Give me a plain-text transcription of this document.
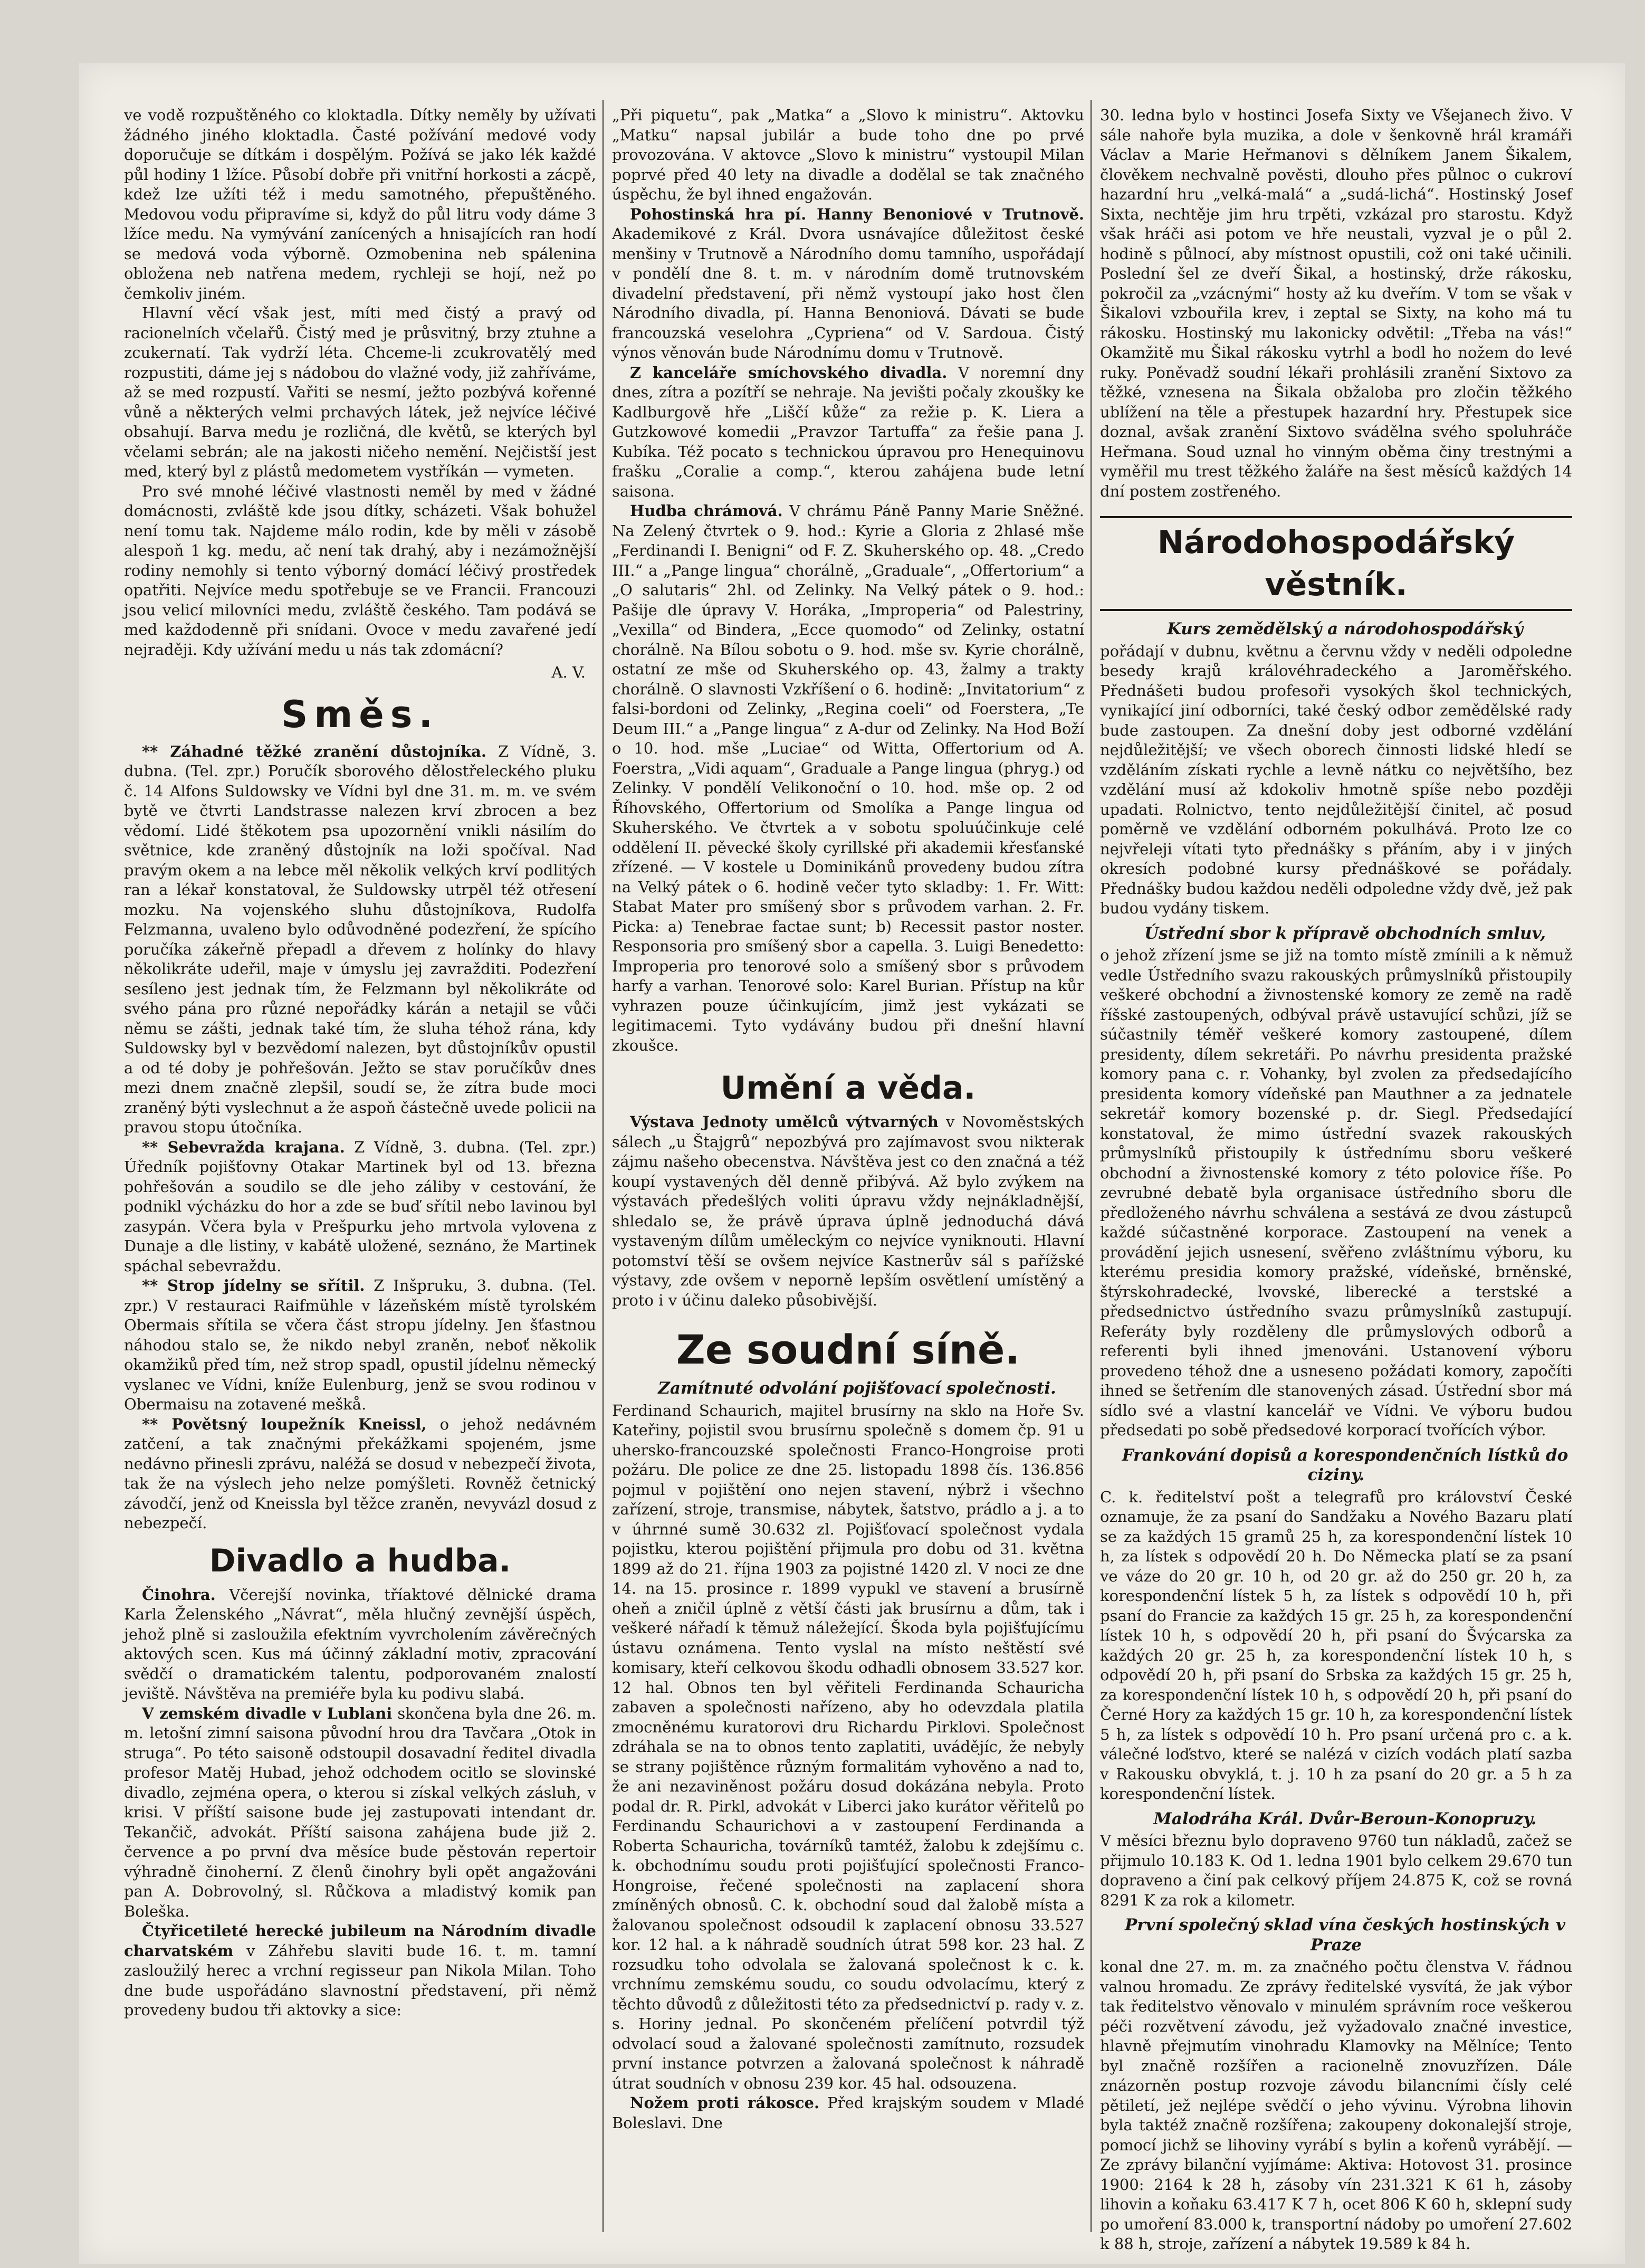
ve vodě rozpuštěného co kloktadla. Dítky neměly by užívati žádného jiného kloktadla. Časté požívání medové vody doporučuje se dítkám i dospělým. Požívá se jako lék každé půl hodiny 1 lžíce. Působí dobře při vnitřní horkosti a zácpě, kdež lze užíti též i medu samotného, přepuštěného. Medovou vodu připravíme si, když do půl litru vody dáme 3 lžíce medu. Na vymývání zanícených a hnisajících ran hodí se medová voda výborně. Ozmobenina neb spálenina obložena neb natřena medem, rychleji se hojí, než po čemkoliv jiném.

Hlavní věcí však jest, míti med čistý a pravý od racionelních včelařů. Čistý med je průsvitný, brzy ztuhne a zcukernatí. Tak vydrží léta. Chceme-li zcukrovatělý med rozpustiti, dáme jej s nádobou do vlažné vody, již zahříváme, až se med rozpustí. Vařiti se nesmí, ježto pozbývá kořenné vůně a některých velmi prchavých látek, jež nejvíce léčivé obsahují. Barva medu je rozličná, dle květů, se kterých byl včelami sebrán; ale na jakosti ničeho nemění. Nejčistší jest med, který byl z plástů medometem vystříkán — vymeten.

Pro své mnohé léčivé vlastnosti neměl by med v žádné domácnosti, zvláště kde jsou dítky, scházeti. Však bohužel není tomu tak. Najdeme málo rodin, kde by měli v zásobě alespoň 1 kg. medu, ač není tak drahý, aby i nezámožnější rodiny nemohly si tento výborný domácí léčivý prostředek opatřiti. Nejvíce medu spotřebuje se ve Francii. Francouzi jsou velicí milovníci medu, zvláště českého. Tam podává se med každodenně při snídani. Ovoce v medu zavařené jedí nejraději. Kdy užívání medu u nás tak zdomácní?

A. V.
Směs.

** Záhadné těžké zranění důstojníka. Z Vídně, 3. dubna. (Tel. zpr.) Poručík sborového dělostřeleckého pluku č. 14 Alfons Suldowsky ve Vídni byl dne 31. m. m. ve svém bytě ve čtvrti Landstrasse nalezen krví zbrocen a bez vědomí. Lidé štěkotem psa upozornění vnikli násilím do světnice, kde zraněný důstojník na loži spočíval. Nad pravým okem a na lebce měl několik velkých krví podlitých ran a lékař konstatoval, že Suldowsky utrpěl též otřesení mozku. Na vojenského sluhu důstojníkova, Rudolfa Felzmanna, uvaleno bylo odůvodněné podezření, že spícího poručíka zákeřně přepadl a dřevem z holínky do hlavy několikráte udeřil, maje v úmyslu jej zavražditi. Podezření sesíleno jest jednak tím, že Felzmann byl několikráte od svého pána pro různé nepořádky kárán a netajil se vůči němu se zášti, jednak také tím, že sluha téhož rána, kdy Suldowsky byl v bezvědomí nalezen, byt důstojníkův opustil a od té doby je pohřešován. Ježto se stav poručíkův dnes mezi dnem značně zlepšil, soudí se, že zítra bude moci zraněný býti vyslechnut a že aspoň částečně uvede policii na pravou stopu útočníka.

** Sebevražda krajana. Z Vídně, 3. dubna. (Tel. zpr.) Úředník pojišťovny Otakar Martinek byl od 13. března pohřešován a soudilo se dle jeho záliby v cestování, že podnikl výcházku do hor a zde se buď sřítil nebo lavinou byl zasypán. Včera byla v Prešpurku jeho mrtvola vylovena z Dunaje a dle listiny, v kabátě uložené, seznáno, že Martinek spáchal sebevraždu.

** Strop jídelny se sřítil. Z Inšpruku, 3. dubna. (Tel. zpr.) V restauraci Raifmühle v lázeňském místě tyrolském Obermais sřítila se včera část stropu jídelny. Jen šťastnou náhodou stalo se, že nikdo nebyl zraněn, neboť několik okamžiků před tím, než strop spadl, opustil jídelnu německý vyslanec ve Vídni, kníže Eulenburg, jenž se svou rodinou v Obermaisu na zotavené meškå.

** Povětsný loupežník Kneissl, o jehož nedávném zatčení, a tak značnými překážkami spojeném, jsme nedávno přinesli zprávu, naléžá se dosud v nebezpečí života, tak že na výslech jeho nelze pomýšleti. Rovněž četnický závodčí, jenž od Kneissla byl těžce zraněn, nevyvázl dosud z nebezpečí.

Divadlo a hudba.

Činohra. Včerejší novinka, tříaktové dělnické drama Karla Želenského „Návrat“, měla hlučný zevnější úspěch, jehož plně si zasloužila efektním vyvrcholením závěrečných aktových scen. Kus má účinný základní motiv, zpracování svědčí o dramatickém talentu, podporovaném znalostí jeviště. Návštěva na premiéře byla ku podivu slabá.

V zemském divadle v Lublani skončena byla dne 26. m. m. letošní zimní saisona původní hrou dra Tavčara „Otok in struga“. Po této saisoně odstoupil dosavadní ředitel divadla profesor Matěj Hubad, jehož odchodem ocitlo se slovinské divadlo, zejména opera, o kterou si získal velkých zásluh, v krisi. V příští saisone bude jej zastupovati intendant dr. Tekančič, advokát. Příští saisona zahájena bude již 2. července a po první dva měsíce bude pěstován repertoir výhradně činoherní. Z členů činohry byli opět angažováni pan A. Dobrovolný, sl. Růčkova a mladistvý komik pan Boleška.

Čtyřicetileté herecké jubileum na Národním divadle charvatském v Záhřebu slaviti bude 16. t. m. tamní zasloužilý herec a vrchní regisseur pan Nikola Milan. Toho dne bude uspořádáno slavnostní představení, při němž provedeny budou tři aktovky a sice:

„Při piquetu“, pak „Matka“ a „Slovo k ministru“. Aktovku „Matku“ napsal jubilár a bude toho dne po prvé provozována. V aktovce „Slovo k ministru“ vystoupil Milan poprvé před 40 lety na divadle a dodělal se tak značného úspěchu, že byl ihned engažován.

Pohostinská hra pí. Hanny Benoniové v Trutnově. Akademikové z Král. Dvora usnávajíce důležitost české menšiny v Trutnově a Národního domu tamního, uspořádají v pondělí dne 8. t. m. v národním domě trutnovském divadelní představení, při němž vystoupí jako host člen Národního divadla, pí. Hanna Benoniová. Dávati se bude francouzská veselohra „Cypriena“ od V. Sardoua. Čistý výnos věnován bude Národnímu domu v Trutnově.

Z kanceláře smíchovského divadla. V noremní dny dnes, zítra a pozítří se nehraje. Na jevišti počaly zkoušky ke Kadlburgově hře „Liščí kůže“ za režie p. K. Liera a Gutzkowové komedii „Pravzor Tartuffa“ za řešie pana J. Kubíka. Též pocato s technickou úpravou pro Henequinovu frašku „Coralie a comp.“, kterou zahájena bude letní saisona.

Hudba chrámová. V chrámu Páně Panny Marie Sněžné. Na Zelený čtvrtek o 9. hod.: Kyrie a Gloria z 2hlasé mše „Ferdinandi I. Benigni“ od F. Z. Skuherského op. 48. „Credo III.“ a „Pange lingua“ chorálně, „Graduale“, „Offertorium“ a „O salutaris“ 2hl. od Zelinky. Na Velký pátek o 9. hod.: Pašije dle úpravy V. Horáka, „Improperia“ od Palestriny, „Vexilla“ od Bindera, „Ecce quomodo“ od Zelinky, ostatní chorálně. Na Bílou sobotu o 9. hod. mše sv. Kyrie chorálně, ostatní ze mše od Skuherského op. 43, žalmy a trakty chorálně. O slavnosti Vzkříšení o 6. hodině: „Invitatorium“ z falsi-bordoni od Zelinky, „Regina coeli“ od Foerstera, „Te Deum III.“ a „Pange lingua“ z A-dur od Zelinky. Na Hod Boží o 10. hod. mše „Luciae“ od Witta, Offertorium od A. Foerstra, „Vidi aquam“, Graduale a Pange lingua (phryg.) od Zelinky. V pondělí Velikonoční o 10. hod. mše op. 2 od Říhovského, Offertorium od Smolíka a Pange lingua od Skuherského. Ve čtvrtek a v sobotu spoluúčinkuje celé oddělení II. pěvecké školy cyrillské při akademii křesťanské zřízené. — V kostele u Dominikánů provedeny budou zítra na Velký pátek o 6. hodině večer tyto skladby: 1. Fr. Witt: Stabat Mater pro smíšený sbor s průvodem varhan. 2. Fr. Picka: a) Tenebrae factae sunt; b) Recessit pastor noster. Responsoria pro smíšený sbor a capella. 3. Luigi Benedetto: Improperia pro tenorové solo a smíšený sbor s průvodem harfy a varhan. Tenorové solo: Karel Burian. Přístup na kůr vyhrazen pouze účinkujícím, jimž jest vykázati se legitimacemi. Tyto vydávány budou při dnešní hlavní zkoušce.

Umění a věda.

Výstava Jednoty umělců výtvarných v Novoměstských sálech „u Štajgrů“ nepozbývá pro zajímavost svou nikterak zájmu našeho obecenstva. Návštěva jest co den značná a též koupí vystavených děl denně přibývá. Až bylo zvýkem na výstavách předešlých voliti úpravu vždy nejnákladnější, shledalo se, že právě úprava úplně jednoduchá dává vystaveným dílům uměleckým co nejvíce vyniknouti. Hlavní potomství těší se ovšem nejvíce Kastnerův sál s pařížské výstavy, zde ovšem v neporně lepším osvětlení umístěný a proto i v účinu daleko působivější.

Ze soudní síně.

Zamítnuté odvolání pojišťovací společnosti.
Ferdinand Schaurich, majitel brusírny na sklo na Hoře Sv. Kateřiny, pojistil svou brusírnu společně s domem čp. 91 u uhersko-francouzské společnosti Franco-Hongroise proti požáru. Dle police ze dne 25. listopadu 1898 čís. 136.856 pojmul v pojištění ono nejen stavení, nýbrž i všechno zařízení, stroje, transmise, nábytek, šatstvo, prádlo a j. a to v úhrnné sumě 30.632 zl. Pojišťovací společnost vydala pojistku, kterou pojištění přijmula pro dobu od 31. května 1899 až do 21. října 1903 za pojistné 1420 zl. V noci ze dne 14. na 15. prosince r. 1899 vypukl ve stavení a brusírně oheň a zničil úplně z větší části jak brusírnu a dům, tak i veškeré nářadí k těmuž náležející. Škoda byla pojišťujícímu ústavu oznámena. Tento vyslal na místo neštěstí své komisary, kteří celkovou škodu odhadli obnosem 33.527 kor. 12 hal. Obnos ten byl věřiteli Ferdinanda Schauricha zabaven a společnosti nařízeno, aby ho odevzdala platila zmocněnému kuratorovi dru Richardu Pirklovi. Společnost zdráhala se na to obnos tento zaplatiti, uvádějíc, že nebyly se strany pojištěnce různým formalitám vyhověno a nad to, že ani nezaviněnost požáru dosud dokázána nebyla. Proto podal dr. R. Pirkl, advokát v Liberci jako kurátor věřitelů po Ferdinandu Schaurichovi a v zastoupení Ferdinanda a Roberta Schauricha, továrníků tamtéž, žalobu k zdejšímu c. k. obchodnímu soudu proti pojišťující společnosti Franco-Hongroise, řečené společnosti na zaplacení shora zmíněných obnosů. C. k. obchodní soud dal žalobě místa a žalovanou společnost odsoudil k zaplacení obnosu 33.527 kor. 12 hal. a k náhradě soudních útrat 598 kor. 23 hal. Z rozsudku toho odvolala se žalovaná společnost k c. k. vrchnímu zemskému soudu, co soudu odvolacímu, který z těchto důvodů z důležitosti této za předsednictví p. rady v. z. s. Horiny jednal. Po skončeném přelíčení potvrdil týž odvolací soud a žalované společnosti zamítnuto, rozsudek první instance potvrzen a žalovaná společnost k náhradě útrat soudních v obnosu 239 kor. 45 hal. odsouzena.

Nožem proti rákosce. Před krajským soudem v Mladé Boleslavi. Dne

30. ledna bylo v hostinci Josefa Sixty ve Všejanech živo. V sále nahoře byla muzika, a dole v šenkovně hrál kramáři Václav a Marie Heřmanovi s dělníkem Janem Šikalem, člověkem nechvalně pověsti, dlouho přes půlnoc o cukroví hazardní hru „velká-malá“ a „sudá-lichá“. Hostinský Josef Sixta, nechtěje jim hru trpěti, vzkázal pro starostu. Když však hráči asi potom ve hře neustali, vyzval je o půl 2. hodině s půlnocí, aby místnost opustili, což oni také učinili. Poslední šel ze dveří Šikal, a hostinský, drže rákosku, pokročil za „vzácnými“ hosty až ku dveřím. V tom se však v Šikalovi vzbouřila krev, i zeptal se Sixty, na koho má tu rákosku. Hostinský mu lakonicky odvětil: „Třeba na vás!“ Okamžitě mu Šikal rákosku vytrhl a bodl ho nožem do levé ruky. Poněvadž soudní lékaři prohlásili zranění Sixtovo za těžké, vznesena na Šikala obžaloba pro zločin těžkého ublížení na těle a přestupek hazardní hry. Přestupek sice doznal, avšak zranění Sixtovo svádělna svého spoluhráče Heřmana. Soud uznal ho vinným oběma činy trestnými a vyměřil mu trest těžkého žaláře na šest měsíců každých 14 dní postem zostřeného.

Národohospodářský věstník.

Kurs zemědělský a národohospodářský
pořádají v dubnu, květnu a červnu vždy v neděli odpoledne besedy krajů královéhradeckého a Jaroměřského. Přednášeti budou profesoři vysokých škol technických, vynikající jiní odborníci, také český odbor zemědělské rady bude zastoupen. Za dnešní doby jest odborné vzdělání nejdůležitější; ve všech oborech činnosti lidské hledí se vzděláním získati rychle a levně nátku co největšího, bez vzdělání musí až kdokoliv hmotně spíše nebo později upadati. Rolnictvo, tento nejdůležitější činitel, ač posud poměrně ve vzdělání odborném pokulhává. Proto lze co nejvřeleji vítati tyto přednášky s přáním, aby i v jiných okresích podobné kursy přednáškové se pořádaly. Přednášky budou každou neděli odpoledne vždy dvě, jež pak budou vydány tiskem.

Ústřední sbor k přípravě obchodních smluv,
o jehož zřízení jsme se již na tomto místě zmínili a k němuž vedle Ústředního svazu rakouských průmyslníků přistoupily veškeré obchodní a živnostenské komory ze země na radě říšské zastoupených, odbýval právě ustavující schůzi, jíž se súčastnily téměř veškeré komory zastoupené, dílem presidenty, dílem sekretáři. Po návrhu presidenta pražské komory pana c. r. Vohanky, byl zvolen za předsedajícího presidenta komory vídeňské pan Mauthner a za jednatele sekretář komory bozenské p. dr. Siegl. Předsedající konstatoval, že mimo ústřední svazek rakouských průmyslníků přistoupily k ústřednímu sboru veškeré obchodní a živnostenské komory z této polovice říše. Po zevrubné debatě byla organisace ústředního sboru dle předloženého návrhu schválena a sestává ze dvou zástupců každé súčastněné korporace. Zastoupení na venek a provádění jejich usnesení, svěřeno zvláštnímu výboru, ku kterému presidia komory pražské, vídeňské, brněnské, štýrskohradecké, lvovské, liberecké a terstské a předsednictvo ústředního svazu průmyslníků zastupují. Referáty byly rozděleny dle průmyslových odborů a referenti byli ihned jmenováni. Ustanovení výboru provedeno téhož dne a usneseno požádati komory, započíti ihned se šetřením dle stanovených zásad. Ústřední sbor má sídlo své a vlastní kancelář ve Vídni. Ve výboru budou předsedati po sobě předsedové korporací tvořících výbor.

Frankování dopisů a korespondenčních lístků do ciziny.
C. k. ředitelství pošt a telegrafů pro království České oznamuje, že za psaní do Sandžaku a Nového Bazaru platí se za každých 15 gramů 25 h, za korespondenční lístek 10 h, za lístek s odpovědí 20 h. Do Německa platí se za psaní ve váze do 20 gr. 10 h, od 20 gr. až do 250 gr. 20 h, za korespondenční lístek 5 h, za lístek s odpovědí 10 h, při psaní do Francie za každých 15 gr. 25 h, za korespondenční lístek 10 h, s odpovědí 20 h, při psaní do Švýcarska za každých 20 gr. 25 h, za korespondenční lístek 10 h, s odpovědí 20 h, při psaní do Srbska za každých 15 gr. 25 h, za korespondenční lístek 10 h, s odpovědí 20 h, při psaní do Černé Hory za každých 15 gr. 10 h, za korespondenční lístek 5 h, za lístek s odpovědí 10 h. Pro psaní určená pro c. a k. válečné loďstvo, které se nalézá v cizích vodách platí sazba v Rakousku obvyklá, t. j. 10 h za psaní do 20 gr. a 5 h za korespondenční lístek.

Malodráha Král. Dvůr-Beroun-Konopruzy.
V měsíci březnu bylo dopraveno 9760 tun nákladů, začež se přijmulo 10.183 K. Od 1. ledna 1901 bylo celkem 29.670 tun dopraveno a činí pak celkový příjem 24.875 K, což se rovná 8291 K za rok a kilometr.

První společný sklad vína českých hostinských v Praze
konal dne 27. m. m. za značného počtu členstva V. řádnou valnou hromadu. Ze zprávy ředitelské vysvítá, že jak výbor tak ředitelstvo věnovalo v minulém správním roce veškerou péči rozvětvení závodu, jež vyžadovalo značné investice, hlavně přejmutím vinohradu Klamovky na Mělníce; Tento byl značně rozšířen a racionelně znovuzřízen. Dále znázorněn postup rozvoje závodu bilancními čísly celé pětiletí, jež nejlépe svědčí o jeho vývinu. Výrobna lihovin byla taktéž značně rozšířena; zakoupeny dokonalejší stroje, pomocí jichž se lihoviny vyrábí s bylin a kořenů vyrábějí. — Ze zprávy bilanční vyjímáme: Aktiva: Hotovost 31. prosince 1900: 2164 k 28 h, zásoby vín 231.321 K 61 h, zásoby lihovin a koňaku 63.417 K 7 h, ocet 806 K 60 h, sklepní sudy po umoření 83.000 k, transportní nádoby po umoření 27.602 k 88 h, stroje, zařízení a nábytek 19.589 k 84 h.
